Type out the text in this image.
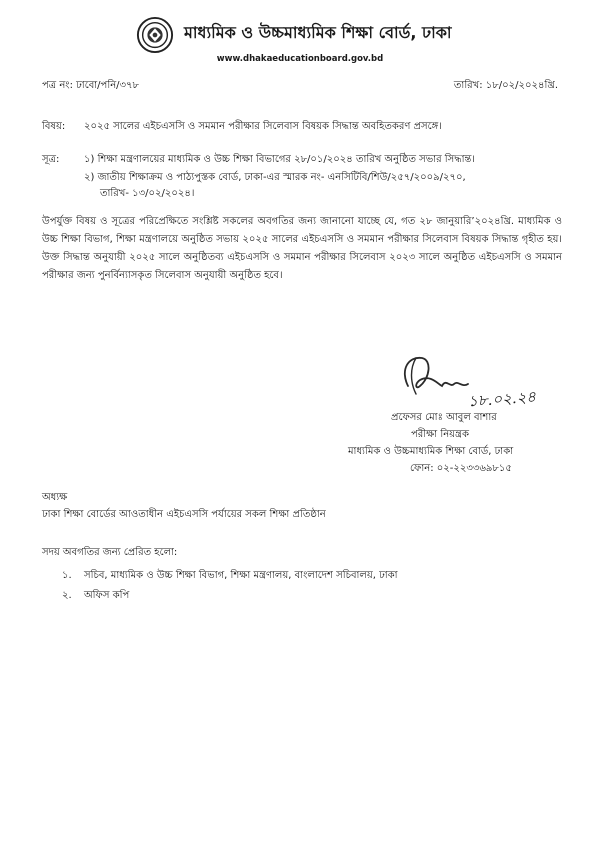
মাধ্যমিক ও উচ্চমাধ্যমিক শিক্ষা বোর্ড, ঢাকা
www.dhakaeducationboard.gov.bd
পত্র নং: ঢাবো/পনি/৩৭৮	তারিখ: ১৮/০২/২০২৪খ্রি.
বিষয়: ২০২৫ সালের এইচএসসি ও সমমান পরীক্ষার সিলেবাস বিষয়ক সিদ্ধান্ত অবহিতকরণ প্রসঙ্গে।
সূত্র: ১) শিক্ষা মন্ত্রণালয়ের মাধ্যমিক ও উচ্চ শিক্ষা বিভাগের ২৮/০১/২০২৪ তারিখ অনুষ্ঠিত সভার সিদ্ধান্ত।
২) জাতীয় শিক্ষাক্রম ও পাঠ্যপুস্তক বোর্ড, ঢাকা-এর স্মারক নং- এনসিটিবি/শিউ/২৫৭/২০০৯/২৭০,
তারিখ- ১৩/০২/২০২৪।
উপর্যুক্ত বিষয় ও সূত্রের পরিপ্রেক্ষিতে সংশ্লিষ্ট সকলের অবগতির জন্য জানানো যাচ্ছে যে, গত ২৮ জানুয়ারি’২০২৪খ্রি. মাধ্যমিক ও উচ্চ শিক্ষা বিভাগ, শিক্ষা মন্ত্রণালয়ে অনুষ্ঠিত সভায় ২০২৫ সালের এইচএসসি ও সমমান পরীক্ষার সিলেবাস বিষয়ক সিদ্ধান্ত গৃহীত হয়। উক্ত সিদ্ধান্ত অনুযায়ী ২০২৫ সালে অনুষ্ঠিতব্য এইচএসসি ও সমমান পরীক্ষার সিলেবাস ২০২৩ সালে অনুষ্ঠিত এইচএসসি ও সমমান পরীক্ষার জন্য পুনর্বিন্যাসকৃত সিলেবাস অনুযায়ী অনুষ্ঠিত হবে।
১৮.০২.২৪
প্রফেসর মোঃ আবুল বাশার
পরীক্ষা নিয়ন্ত্রক
মাধ্যমিক ও উচ্চমাধ্যমিক শিক্ষা বোর্ড, ঢাকা
ফোন: ০২-২২৩৩৬৯৮১৫
অধ্যক্ষ
ঢাকা শিক্ষা বোর্ডের আওতাধীন এইচএসসি পর্যায়ের সকল শিক্ষা প্রতিষ্ঠান
সদয় অবগতির জন্য প্রেরিত হলো:
১. সচিব, মাধ্যমিক ও উচ্চ শিক্ষা বিভাগ, শিক্ষা মন্ত্রণালয়, বাংলাদেশ সচিবালয়, ঢাকা
২. অফিস কপি
